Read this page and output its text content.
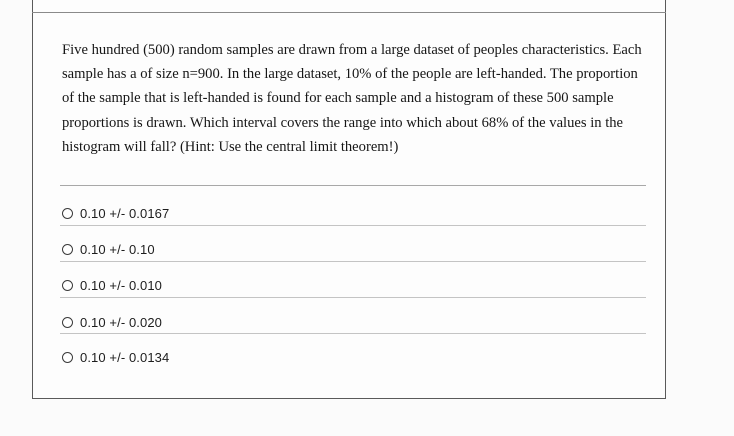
Five hundred (500) random samples are drawn from a large dataset of peoples characteristics. Each sample has a of size n=900. In the large dataset, 10% of the people are left-handed. The proportion of the sample that is left-handed is found for each sample and a histogram of these 500 sample proportions is drawn. Which interval covers the range into which about 68% of the values in the histogram will fall? (Hint: Use the central limit theorem!)

0.10 +/- 0.0167
0.10 +/- 0.10
0.10 +/- 0.010
0.10 +/- 0.020
0.10 +/- 0.0134
